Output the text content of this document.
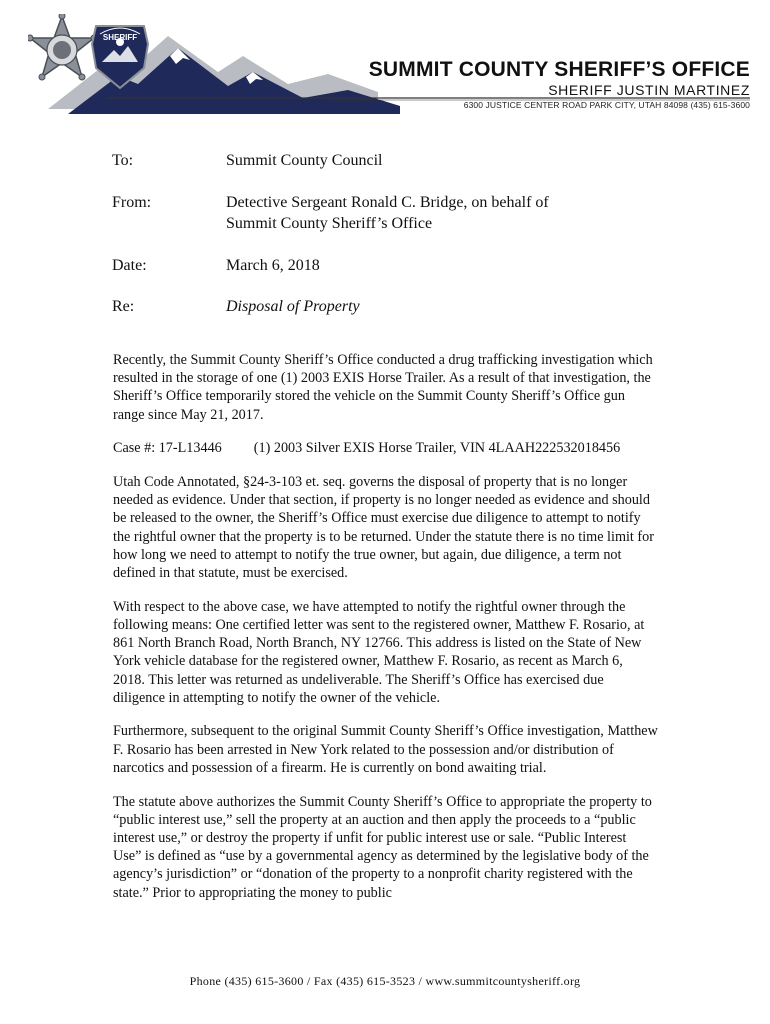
SHERIFF
SUMMIT COUNTY SHERIFF’S OFFICE
SHERIFF JUSTIN MARTINEZ
6300 JUSTICE CENTER ROAD PARK CITY, UTAH 84098 (435) 615-3600
To:	Summit County Council
From:	Detective Sergeant Ronald C. Bridge, on behalf of
Summit County Sheriff’s Office
Date:	March 6, 2018
Re:	Disposal of Property

Recently, the Summit County Sheriff’s Office conducted a drug trafficking investigation which resulted in the storage of one (1) 2003 EXIS Horse Trailer. As a result of that investigation, the Sheriff’s Office temporarily stored the vehicle on the Summit County Sheriff’s Office gun range since May 21, 2017.

Case #: 17-L13446 (1) 2003 Silver EXIS Horse Trailer, VIN 4LAAH222532018456

Utah Code Annotated, §24-3-103 et. seq. governs the disposal of property that is no longer needed as evidence. Under that section, if property is no longer needed as evidence and should be released to the owner, the Sheriff’s Office must exercise due diligence to attempt to notify the rightful owner that the property is to be returned. Under the statute there is no time limit for how long we need to attempt to notify the true owner, but again, due diligence, a term not defined in that statute, must be exercised.

With respect to the above case, we have attempted to notify the rightful owner through the following means: One certified letter was sent to the registered owner, Matthew F. Rosario, at 861 North Branch Road, North Branch, NY 12766. This address is listed on the State of New York vehicle database for the registered owner, Matthew F. Rosario, as recent as March 6, 2018. This letter was returned as undeliverable. The Sheriff’s Office has exercised due diligence in attempting to notify the owner of the vehicle.

Furthermore, subsequent to the original Summit County Sheriff’s Office investigation, Matthew F. Rosario has been arrested in New York related to the possession and/or distribution of narcotics and possession of a firearm. He is currently on bond awaiting trial.

The statute above authorizes the Summit County Sheriff’s Office to appropriate the property to “public interest use,” sell the property at an auction and then apply the proceeds to a “public interest use,” or destroy the property if unfit for public interest use or sale. “Public Interest Use” is defined as “use by a governmental agency as determined by the legislative body of the agency’s jurisdiction” or “donation of the property to a nonprofit charity registered with the state.” Prior to appropriating the money to public

Phone (435) 615-3600 / Fax (435) 615-3523 / www.summitcountysheriff.org
